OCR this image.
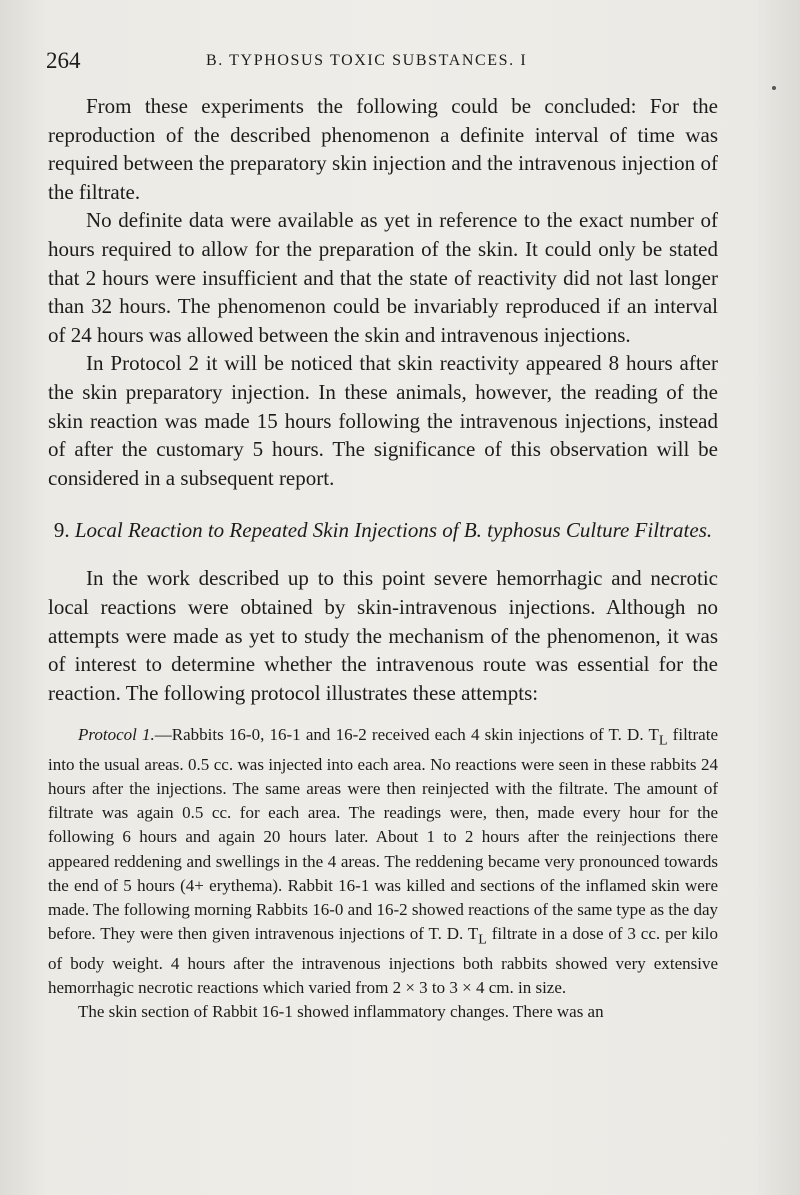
264	B. TYPHOSUS TOXIC SUBSTANCES. I

From these experiments the following could be concluded: For the reproduction of the described phenomenon a definite interval of time was required between the preparatory skin injection and the intravenous injection of the filtrate.

No definite data were available as yet in reference to the exact number of hours required to allow for the preparation of the skin. It could only be stated that 2 hours were insufficient and that the state of reactivity did not last longer than 32 hours. The phenomenon could be invariably reproduced if an interval of 24 hours was allowed between the skin and intravenous injections.

In Protocol 2 it will be noticed that skin reactivity appeared 8 hours after the skin preparatory injection. In these animals, however, the reading of the skin reaction was made 15 hours following the intravenous injections, instead of after the customary 5 hours. The significance of this observation will be considered in a subsequent report.

9. Local Reaction to Repeated Skin Injections of B. typhosus Culture Filtrates.

In the work described up to this point severe hemorrhagic and necrotic local reactions were obtained by skin-intravenous injections. Although no attempts were made as yet to study the mechanism of the phenomenon, it was of interest to determine whether the intravenous route was essential for the reaction. The following protocol illustrates these attempts:

Protocol 1.—Rabbits 16-0, 16-1 and 16-2 received each 4 skin injections of T. D. $T_L$ filtrate into the usual areas. 0.5 cc. was injected into each area. No reactions were seen in these rabbits 24 hours after the injections. The same areas were then reinjected with the filtrate. The amount of filtrate was again 0.5 cc. for each area. The readings were, then, made every hour for the following 6 hours and again 20 hours later. About 1 to 2 hours after the reinjections there appeared reddening and swellings in the 4 areas. The reddening became very pronounced towards the end of 5 hours (4+ erythema). Rabbit 16-1 was killed and sections of the inflamed skin were made. The following morning Rabbits 16-0 and 16-2 showed reactions of the same type as the day before. They were then given intravenous injections of T. D. $T_L$ filtrate in a dose of 3 cc. per kilo of body weight. 4 hours after the intravenous injections both rabbits showed very extensive hemorrhagic necrotic reactions which varied from 2 × 3 to 3 × 4 cm. in size.

The skin section of Rabbit 16-1 showed inflammatory changes. There was an
